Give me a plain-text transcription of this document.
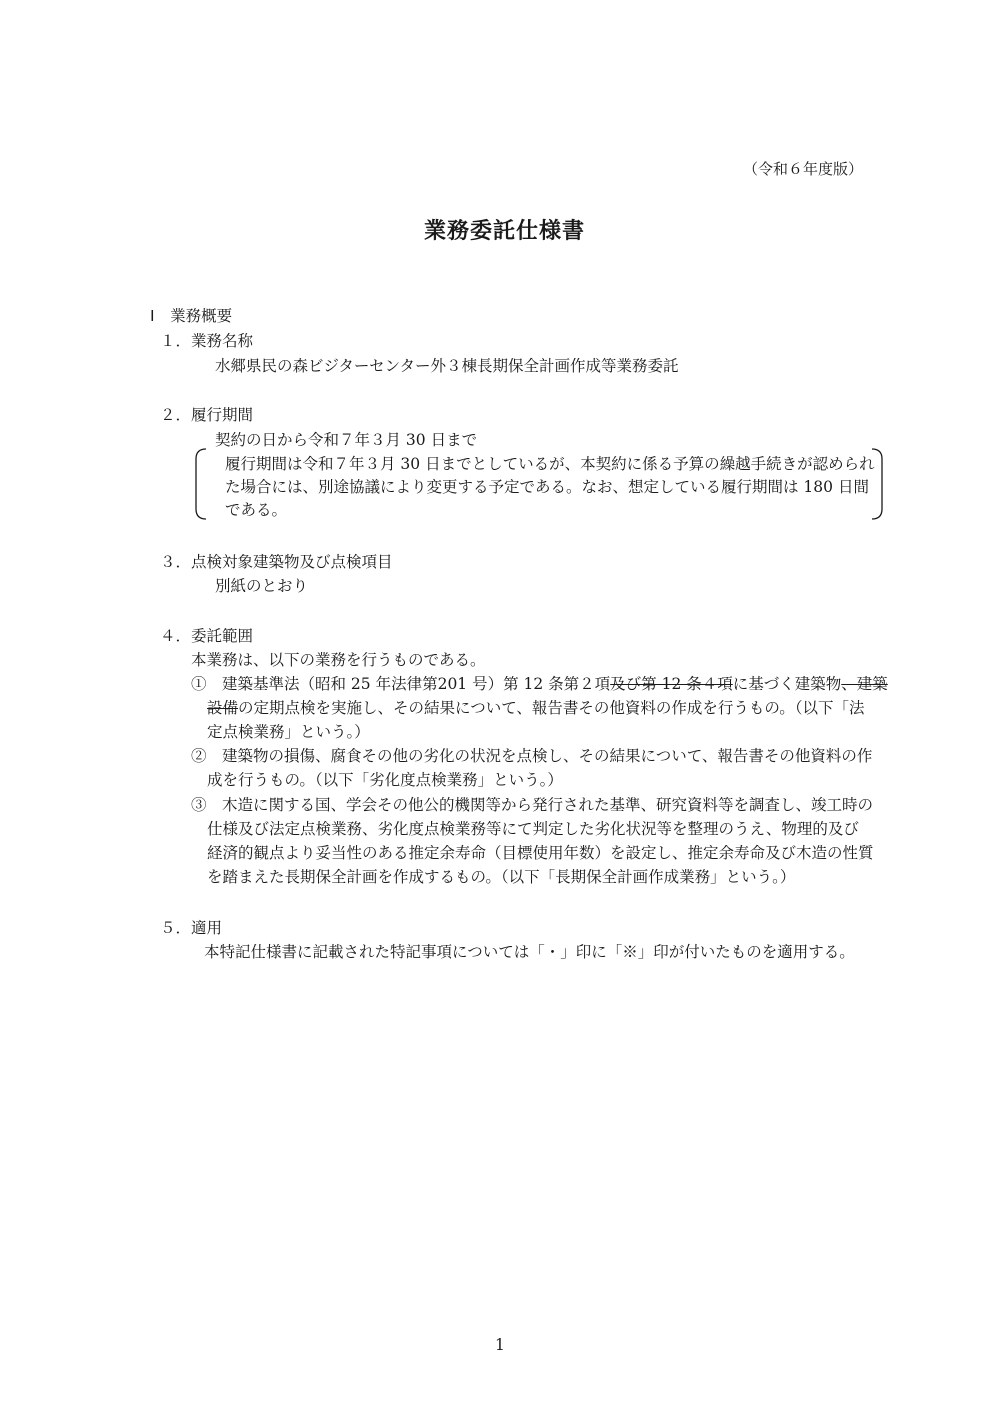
（令和６年度版）
業務委託仕様書
Ⅰ　業務概要
１．業務名称
水郷県民の森ビジターセンター外３棟長期保全計画作成等業務委託
２．履行期間
契約の日から令和７年３月 30 日まで
履行期間は令和７年３月 30 日までとしているが、本契約に係る予算の繰越手続きが認められ
た場合には、別途協議により変更する予定である。なお、想定している履行期間は 180 日間
である。
３．点検対象建築物及び点検項目
別紙のとおり
４．委託範囲
本業務は、以下の業務を行うものである。
①　建築基準法（昭和 25 年法律第201 号）第 12 条第２項及び第 12 条４項に基づく建築物、建築
設備の定期点検を実施し、その結果について、報告書その他資料の作成を行うもの。（以下「法
定点検業務」という。）
②　建築物の損傷、腐食その他の劣化の状況を点検し、その結果について、報告書その他資料の作
成を行うもの。（以下「劣化度点検業務」という。）
③　木造に関する国、学会その他公的機関等から発行された基準、研究資料等を調査し、竣工時の
仕様及び法定点検業務、劣化度点検業務等にて判定した劣化状況等を整理のうえ、物理的及び
経済的観点より妥当性のある推定余寿命（目標使用年数）を設定し、推定余寿命及び木造の性質
を踏まえた長期保全計画を作成するもの。（以下「長期保全計画作成業務」という。）
５．適用
本特記仕様書に記載された特記事項については「・」印に「※」印が付いたものを適用する。
1
